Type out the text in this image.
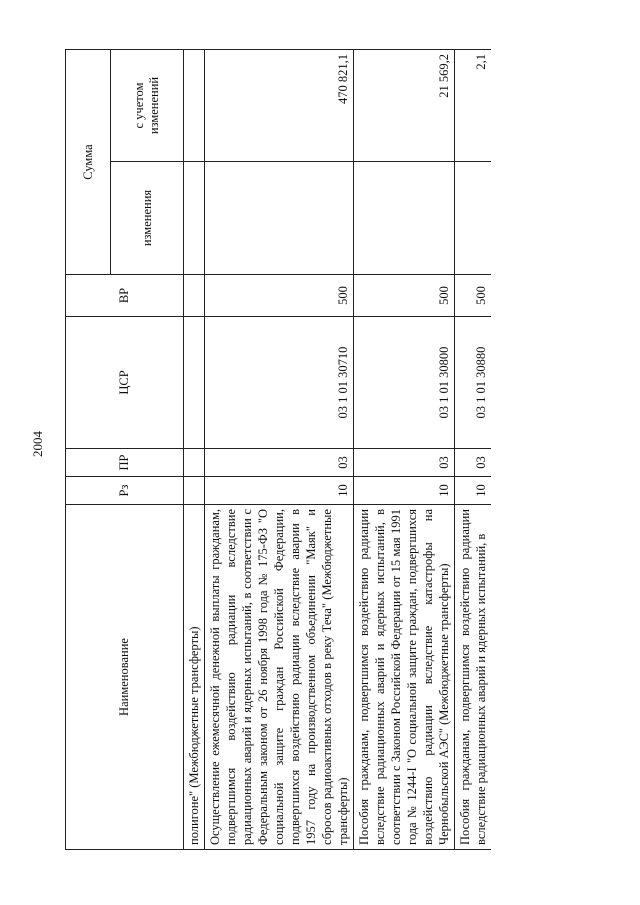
2004
Наименование	Рз	ПР	ЦСР	ВР	Сумма	
					изменения	с учетом изменений
полигоне" (Межбюджетные трансферты)						
Осуществление ежемесячной денежной выплаты гражданам, подвергшимся воздействию радиации вследствие радиационных аварий и ядерных испытаний, в соответствии с Федеральным законом от 26 ноября 1998 года № 175-ФЗ "О социальной защите граждан Российской Федерации, подвергшихся воздействию радиации вследствие аварии в 1957 году на производственном объединении "Маяк" и сбросов радиоактивных отходов в реку Теча" (Межбюджетные трансферты)	10	03	03 1 01 30710	500		470 821,1
Пособия гражданам, подвергшимся воздействию радиации вследствие радиационных аварий и ядерных испытаний, в соответствии с Законом Российской Федерации от 15 мая 1991 года № 1244-I "О социальной защите граждан, подвергшихся воздействию радиации вследствие катастрофы на Чернобыльской АЭС" (Межбюджетные трансферты)	10	03	03 1 01 30800	500		21 569,2
Пособия гражданам, подвергшимся воздействию радиации вследствие радиационных аварий и ядерных испытаний, в	10	03	03 1 01 30880	500		2,1
